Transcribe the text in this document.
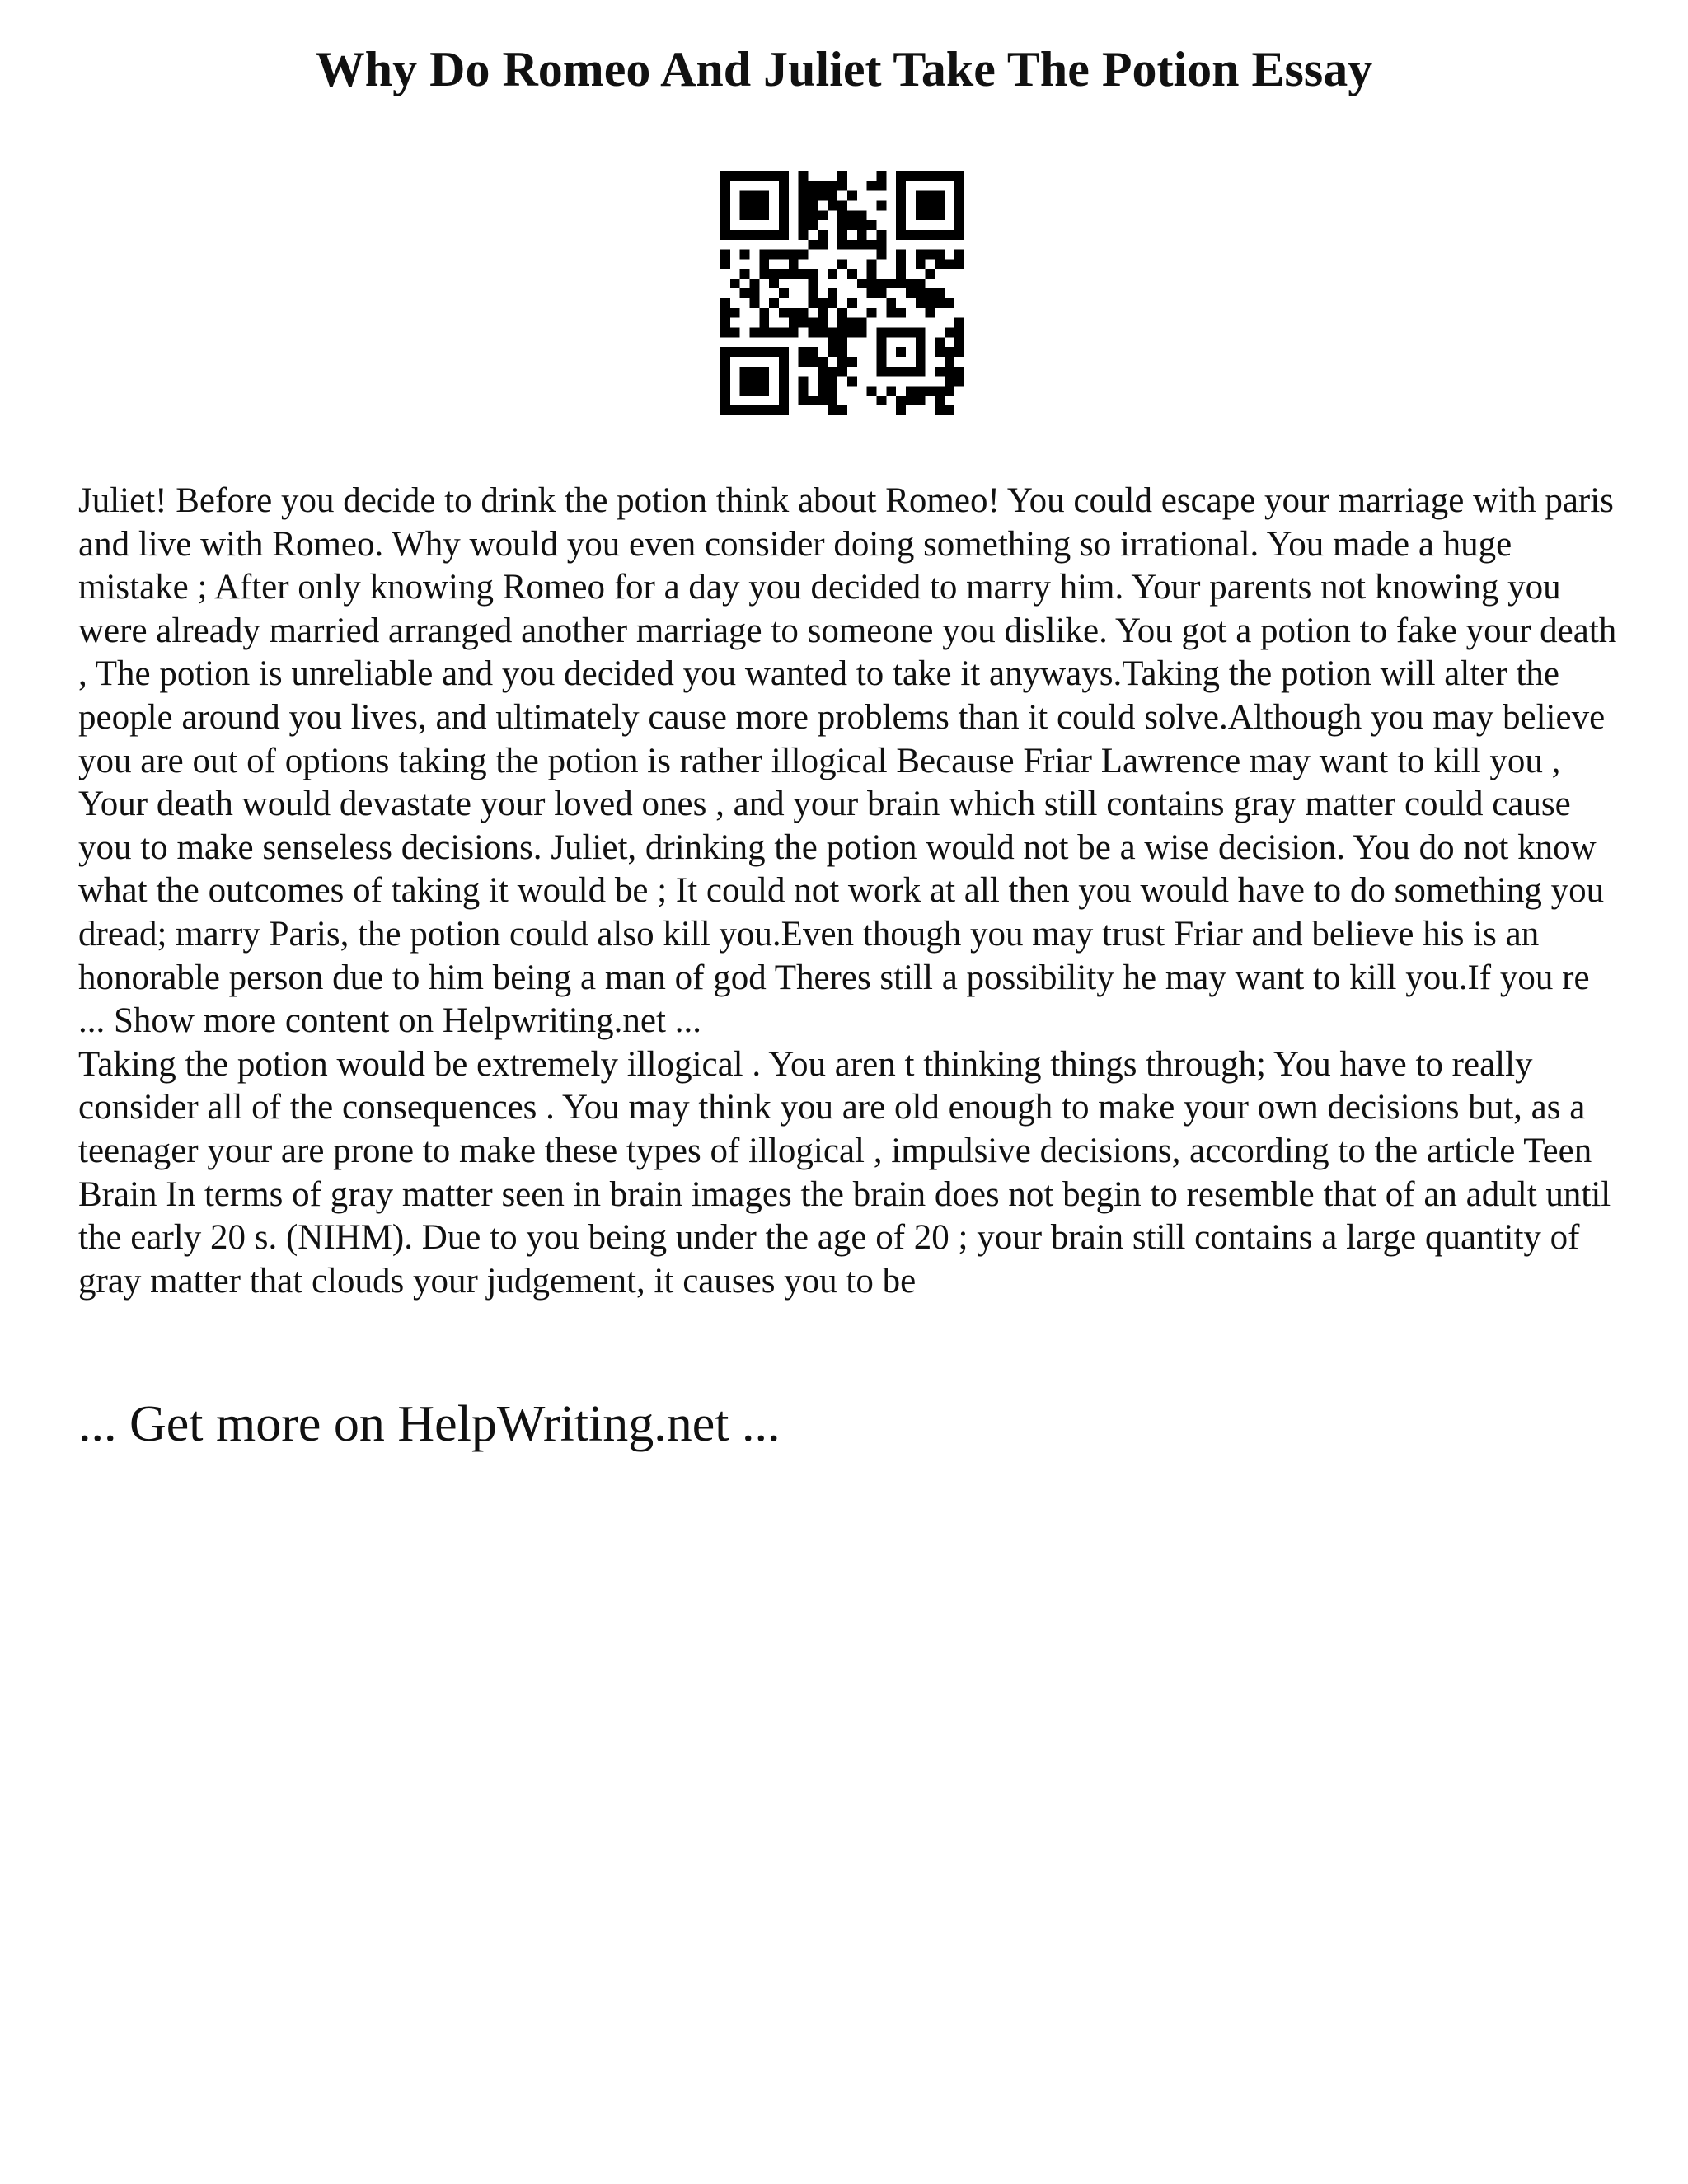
Why Do Romeo And Juliet Take The Potion Essay

Juliet! Before you decide to drink the potion think about Romeo! You could escape your marriage with paris and live with Romeo. Why would you even consider doing something so irrational. You made a huge mistake ; After only knowing Romeo for a day you decided to marry him. Your parents not knowing you were already married arranged another marriage to someone you dislike. You got a potion to fake your death , The potion is unreliable and you decided you wanted to take it anyways.Taking the potion will alter the people around you lives, and ultimately cause more problems than it could solve.Although you may believe you are out of options taking the potion is rather illogical Because Friar Lawrence may want to kill you , Your death would devastate your loved ones , and your brain which still contains gray matter could cause you to make senseless decisions. Juliet, drinking the potion would not be a wise decision. You do not know what the outcomes of taking it would be ; It could not work at all then you would have to do something you dread; marry Paris, the potion could also kill you.Even though you may trust Friar and believe his is an honorable person due to him being a man of god Theres still a possibility he may want to kill you.If you re ... Show more content on Helpwriting.net ...

Taking the potion would be extremely illogical . You aren t thinking things through; You have to really consider all of the consequences . You may think you are old enough to make your own decisions but, as a teenager your are prone to make these types of illogical , impulsive decisions, according to the article Teen Brain In terms of gray matter seen in brain images the brain does not begin to resemble that of an adult until the early 20 s. (NIHM). Due to you being under the age of 20 ; your brain still contains a large quantity of gray matter that clouds your judgement, it causes you to be

... Get more on HelpWriting.net ...
